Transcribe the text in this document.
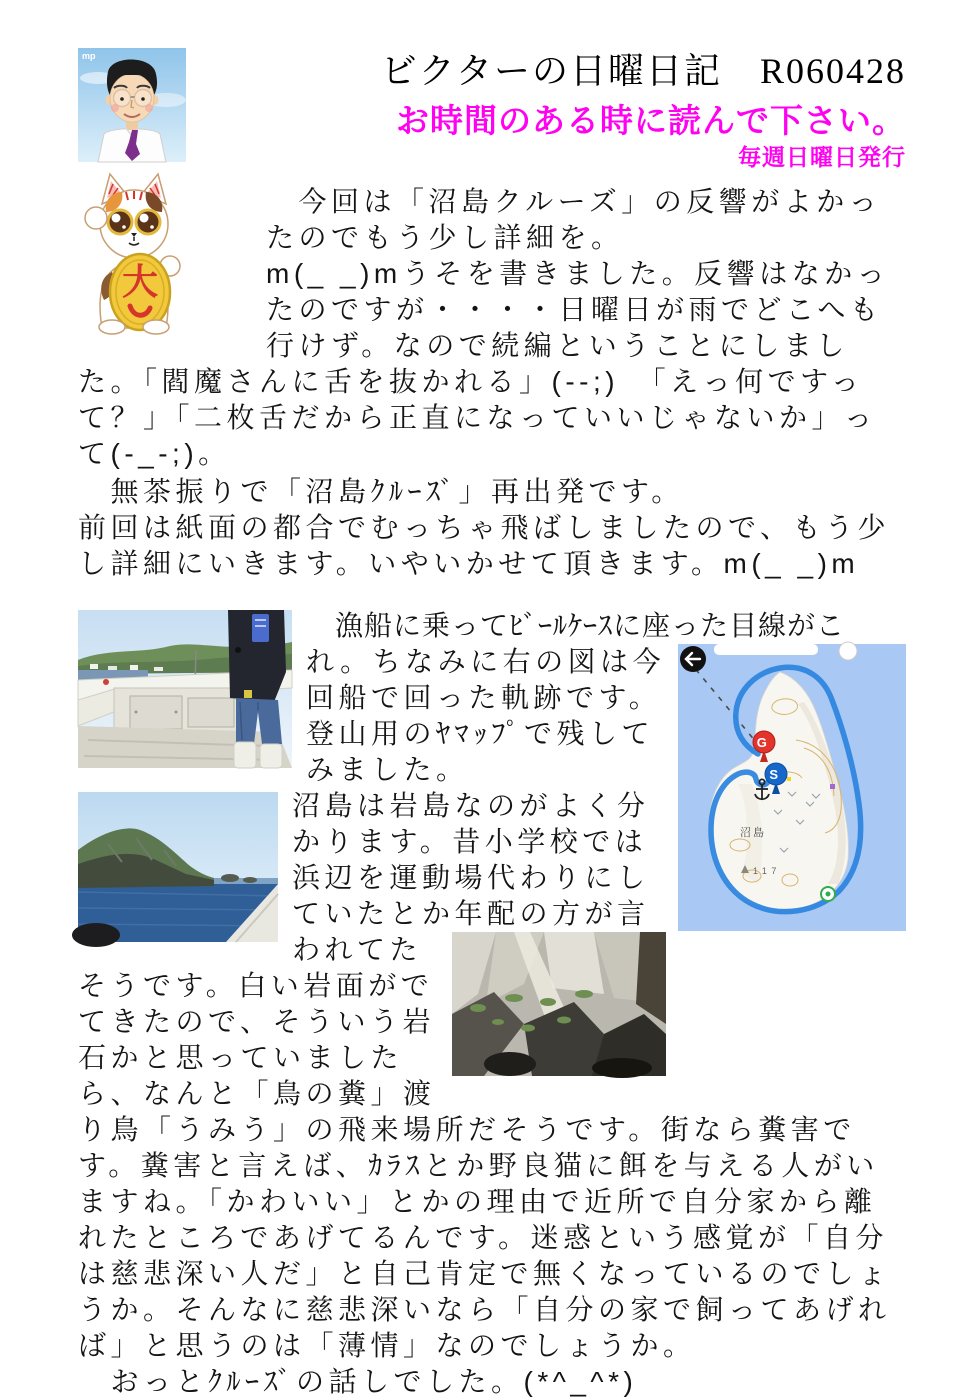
mp
大
ビクターの日曜日記　R060428
お時間のある時に読んで下さい。
毎週日曜日発行
　今回は「沼島クルーズ」の反響がよかったのでもう少し詳細を。
m(_ _)mうそを書きました。反響はなかったのですが・・・・日曜日が雨でどこへも行けず。なので続編ということにしました。「閻魔さんに舌を抜かれる」(--;)　「えっ何ですって？」「二枚舌だから正直になっていいじゃないか」って(-_-;)。
　無茶振りで「沼島ｸﾙｰｽﾞ」再出発です。
前回は紙面の都合でむっちゃ飛ばしましたので、もう少し詳細にいきます。いやいかせて頂きます。m(_ _)m
　漁船に乗ってﾋﾞｰﾙｹｰｽに座った目線が
沼島
117
G
S
これ。ちなみに右の図は今回船で回った軌跡です。登山用のﾔﾏｯﾌﾟで残してみました。

沼島は岩島なのがよく分かります。昔小学校では浜辺を運動場代わりにしていたとか年配の方が言
われてたそうです。白い岩面がでてきたので、そういう岩石かと思っていましたら、なんと「鳥の糞」渡り鳥「うみう」の飛来場所だそうです。街なら糞害です。糞害と言えば、ｶﾗｽとか野良猫に餌を与える人がいますね。「かわいい」とかの理由で近所で自分家から離れたところであげてるんです。迷惑という感覚が「自分は慈悲深い人だ」と自己肯定で無くなっているのでしょうか。そんなに慈悲深いなら「自分の家で飼ってあげれば」と思うのは「薄情」なのでしょうか。
　おっとｸﾙｰｽﾞの話しでした。(*^_^*)
